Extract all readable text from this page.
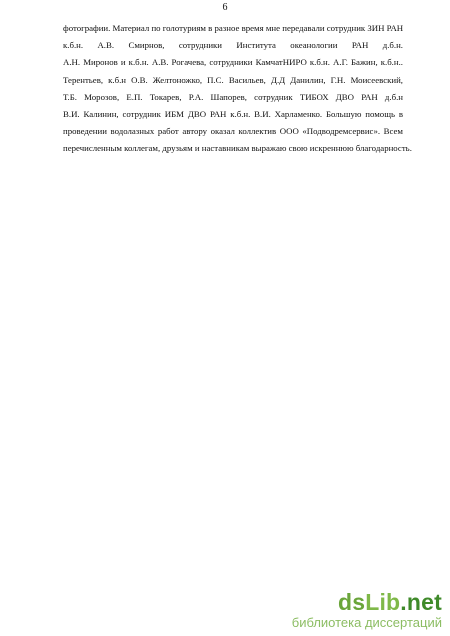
6
фотографии. Материал по голотуриям в разное время мне передавали сотрудник ЗИН РАН
к.б.н. А.В. Смирнов, сотрудники Института океанологии РАН д.б.н.
А.Н. Миронов и к.б.н. А.В. Рогачева, сотрудники КамчатНИРО к.б.н. А.Г. Бажин, к.б.н..
Терентьев, к.б.н О.В. Желтоножко, П.С. Васильев, Д.Д Данилин, Г.Н. Моисеевский,
Т.Б. Морозов, Е.П. Токарев, Р.А. Шапорев, сотрудник ТИБОХ ДВО РАН д.б.н
В.И. Калинин, сотрудник ИБМ ДВО РАН к.б.н. В.И. Харламенко. Большую помощь в
проведении водолазных работ автору оказал коллектив ООО «Подводремсервис». Всем
перечисленным коллегам, друзьям и наставникам выражаю свою искреннюю благодарность.
dsLib.net
библиотека диссертаций
